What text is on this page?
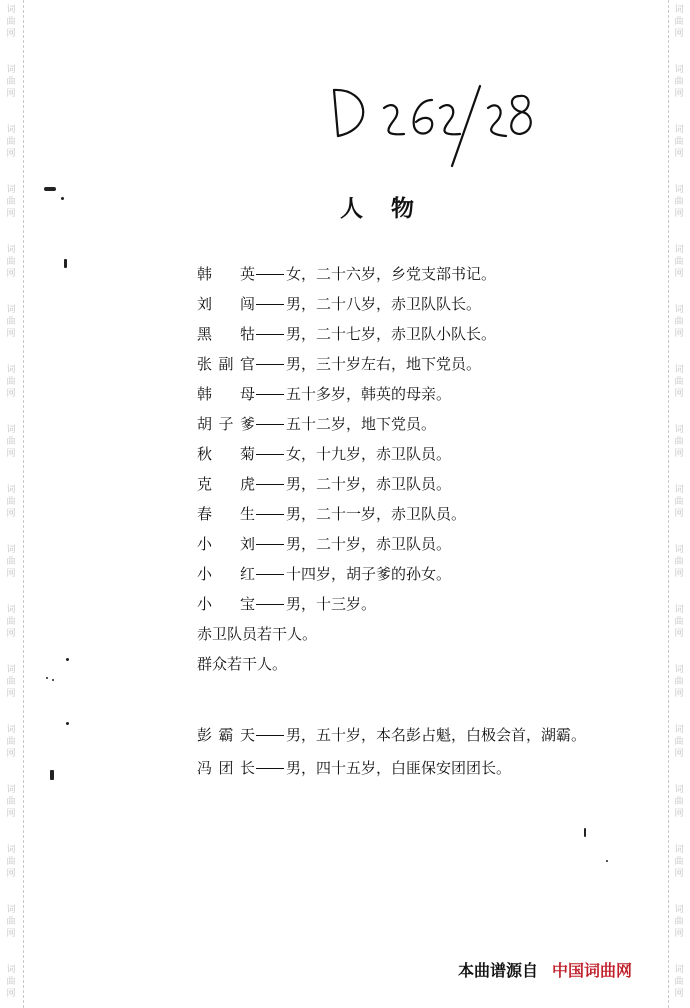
词
曲
网
词
曲
网
词
曲
网
词
曲
网
词
曲
网
词
曲
网
词
曲
网
词
曲
网
词
曲
网
词
曲
网
词
曲
网
词
曲
网
词
曲
网
词
曲
网
词
曲
网
词
曲
网
词
曲
网
词
曲
网
词
曲
网
词
曲
网
词
曲
网
词
曲
网
词
曲
网
词
曲
网
词
曲
网
词
曲
网
词
曲
网
词
曲
网
词
曲
网
词
曲
网
词
曲
网
词
曲
网
词
曲
网
词
曲
网
人物
韩英 女，二十六岁，乡党支部书记。
刘闯 男，二十八岁，赤卫队队长。
黑牯 男，二十七岁，赤卫队小队长。
张副官 男，三十岁左右，地下党员。
韩母 五十多岁，韩英的母亲。
胡子爹 五十二岁，地下党员。
秋菊 女，十九岁，赤卫队员。
克虎 男，二十岁，赤卫队员。
春生 男，二十一岁，赤卫队员。
小刘 男，二十岁，赤卫队员。
小红 十四岁，胡子爹的孙女。
小宝 男，十三岁。
赤卫队员若干人。
群众若干人。
彭霸天 男，五十岁，本名彭占魁，白极会首，湖霸。
冯团长 男，四十五岁，白匪保安团团长。
本曲谱源自 中国词曲网
